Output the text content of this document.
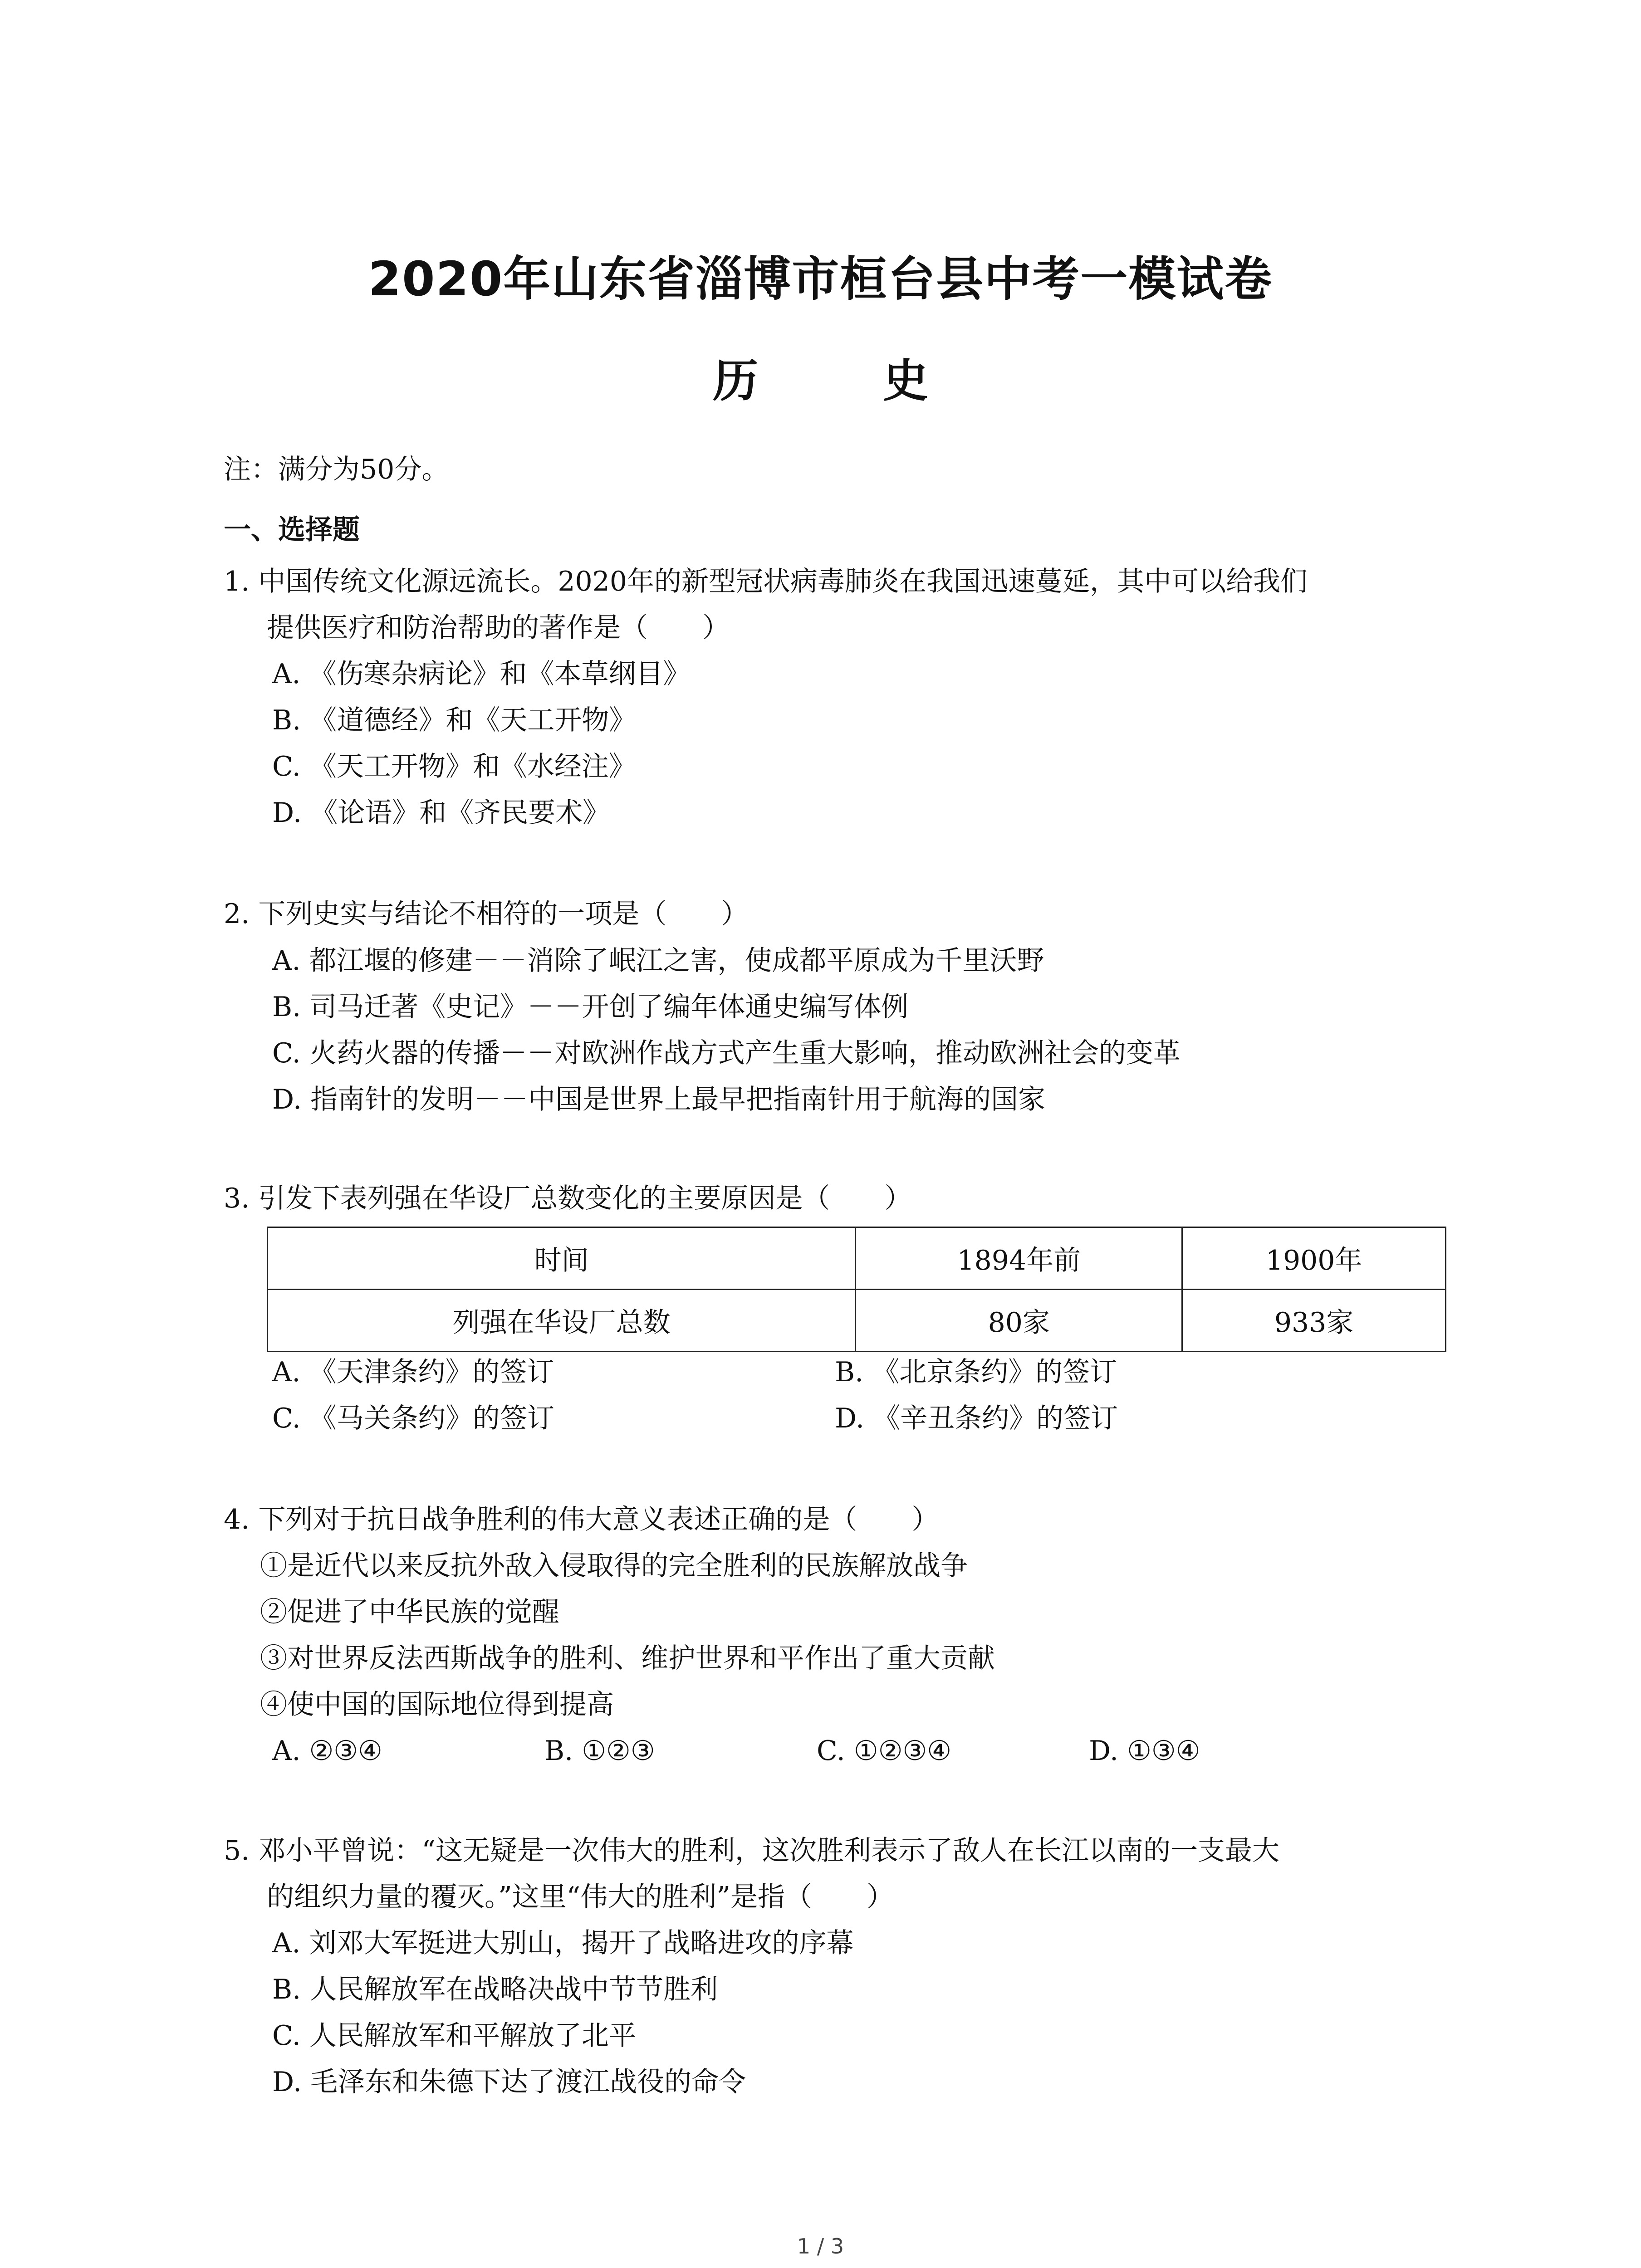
2020年山东省淄博市桓台县中考一模试卷
历 史
注：满分为50分。
一、选择题
1. 中国传统文化源远流长。2020年的新型冠状病毒肺炎在我国迅速蔓延，其中可以给我们
提供医疗和防治帮助的著作是（　　）
A. 《伤寒杂病论》和《本草纲目》
B. 《道德经》和《天工开物》
C. 《天工开物》和《水经注》
D. 《论语》和《齐民要术》
2. 下列史实与结论不相符的一项是（　　）
A. 都江堰的修建－－消除了岷江之害，使成都平原成为千里沃野
B. 司马迁著《史记》－－开创了编年体通史编写体例
C. 火药火器的传播－－对欧洲作战方式产生重大影响，推动欧洲社会的变革
D. 指南针的发明－－中国是世界上最早把指南针用于航海的国家
3. 引发下表列强在华设厂总数变化的主要原因是（　　）
时间	1894年前	1900年
列强在华设厂总数	80家	933家
A. 《天津条约》的签订	B. 《北京条约》的签订
C. 《马关条约》的签订	D. 《辛丑条约》的签订
4. 下列对于抗日战争胜利的伟大意义表述正确的是（　　）
①是近代以来反抗外敌入侵取得的完全胜利的民族解放战争
②促进了中华民族的觉醒
③对世界反法西斯战争的胜利、维护世界和平作出了重大贡献
④使中国的国际地位得到提高
A. ②③④	B. ①②③	C. ①②③④	D. ①③④
5. 邓小平曾说：“这无疑是一次伟大的胜利，这次胜利表示了敌人在长江以南的一支最大
的组织力量的覆灭。”这里“伟大的胜利”是指（　　）
A. 刘邓大军挺进大别山，揭开了战略进攻的序幕
B. 人民解放军在战略决战中节节胜利
C. 人民解放军和平解放了北平
D. 毛泽东和朱德下达了渡江战役的命令
1 / 3
